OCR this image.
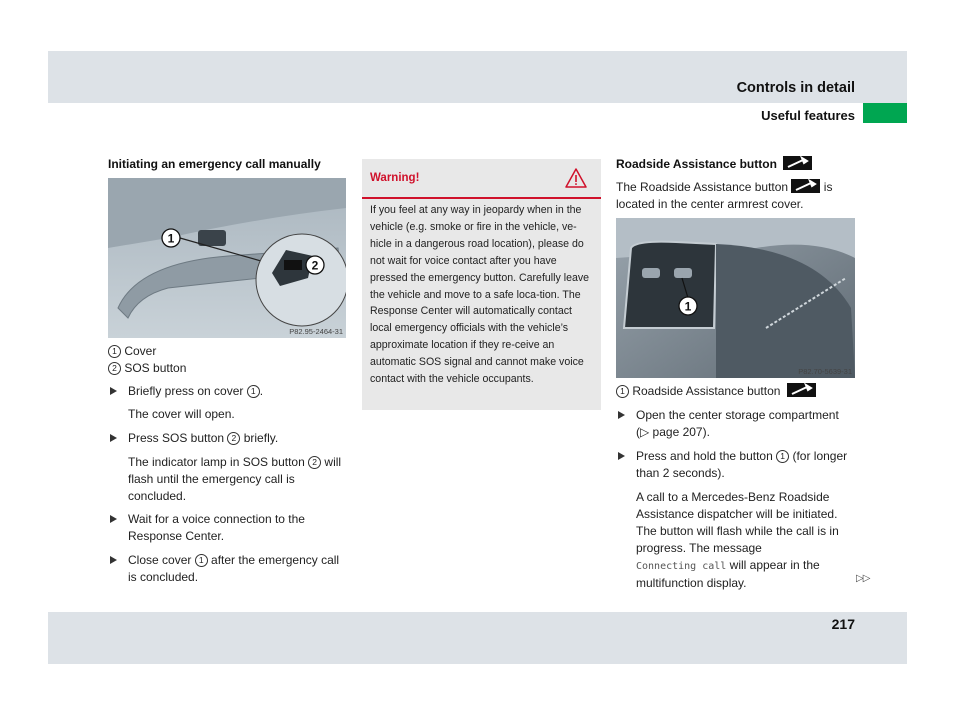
Controls in detail
Useful features

Initiating an emergency call manually

1
2
P82.95-2464-31

1 Cover

2 SOS button

Briefly press on cover 1 .

The cover will open.

Press SOS button 2 briefly.

The indicator lamp in SOS button 2 will flash until the emergency call is concluded.

Wait for a voice connection to the Response Center.

Close cover 1 after the emergency call is concluded.

Warning!
If you feel at any way in jeopardy when in the vehicle (e.g. smoke or fire in the vehicle, ve-hicle in a dangerous road location), please do not wait for voice contact after you have pressed the emergency button. Carefully leave the vehicle and move to a safe loca-tion. The Response Center will automatically contact local emergency officials with the vehicle’s approximate location if they re-ceive an automatic SOS signal and cannot make voice contact with the vehicle occupants.

Roadside Assistance button

The Roadside Assistance button
is located in the center armrest cover.

1
P82.70-5639-31

1 Roadside Assistance button

Open the center storage compartment
(▷ page 207).

Press and hold the button 1 (for longer than 2 seconds).

A call to a Mercedes-Benz Roadside Assistance dispatcher will be initiated. The button will flash while the call is in progress. The message
Connecting call will appear in the multifunction display.	▷▷
217
